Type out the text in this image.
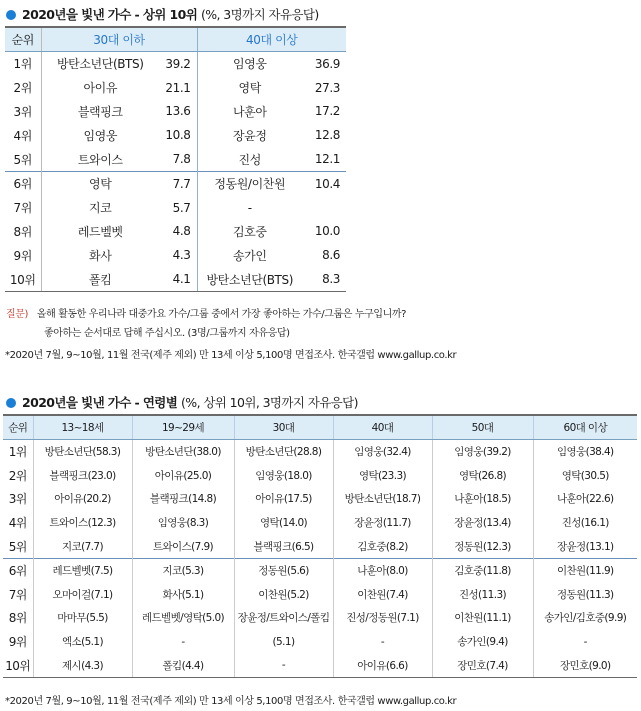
2020년을 빛낸 가수 - 상위 10위 (%, 3명까지 자유응답)
순위	30대 이하		40대 이상	
1위	방탄소년단(BTS)	39.2	임영웅	36.9
2위	아이유	21.1	영탁	27.3
3위	블랙핑크	13.6	나훈아	17.2
4위	임영웅	10.8	장윤정	12.8
5위	트와이스	7.8	진성	12.1
6위	영탁	7.7	정동원/이찬원	10.4
7위	지코	5.7	-	
8위	레드벨벳	4.8	김호중	10.0
9위	화사	4.3	송가인	8.6
10위	폴킴	4.1	방탄소년단(BTS)	8.3
질문) 올해 활동한 우리나라 대중가요 가수/그룹 중에서 가장 좋아하는 가수/그룹은 누구입니까?
좋아하는 순서대로 답해 주십시오. (3명/그룹까지 자유응답)
*2020년 7월, 9~10월, 11월 전국(제주 제외) 만 13세 이상 5,100명 면접조사. 한국갤럽 www.gallup.co.kr
2020년을 빛낸 가수 - 연령별 (%, 상위 10위, 3명까지 자유응답)
순위	13~18세	19~29세	30대	40대	50대	60대 이상
1위	방탄소년단(58.3)	방탄소년단(38.0)	방탄소년단(28.8)	임영웅(32.4)	임영웅(39.2)	임영웅(38.4)
2위	블랙핑크(23.0)	아이유(25.0)	임영웅(18.0)	영탁(23.3)	영탁(26.8)	영탁(30.5)
3위	아이유(20.2)	블랙핑크(14.8)	아이유(17.5)	방탄소년단(18.7)	나훈아(18.5)	나훈아(22.6)
4위	트와이스(12.3)	임영웅(8.3)	영탁(14.0)	장윤정(11.7)	장윤정(13.4)	진성(16.1)
5위	지코(7.7)	트와이스(7.9)	블랙핑크(6.5)	김호중(8.2)	정동원(12.3)	장윤정(13.1)
6위	레드벨벳(7.5)	지코(5.3)	정동원(5.6)	나훈아(8.0)	김호중(11.8)	이찬원(11.9)
7위	오마이걸(7.1)	화사(5.1)	이찬원(5.2)	이찬원(7.4)	진성(11.3)	정동원(11.3)
8위	마마무(5.5)	레드벨벳/영탁(5.0)	장윤정/트와이스/폴킴	진성/정동원(7.1)	이찬원(11.1)	송가인/김호중(9.9)
9위	엑소(5.1)	-	(5.1)	-	송가인(9.4)	-
10위	제시(4.3)	폴킴(4.4)	-	아이유(6.6)	장민호(7.4)	장민호(9.0)
*2020년 7월, 9~10월, 11월 전국(제주 제외) 만 13세 이상 5,100명 면접조사. 한국갤럽 www.gallup.co.kr
